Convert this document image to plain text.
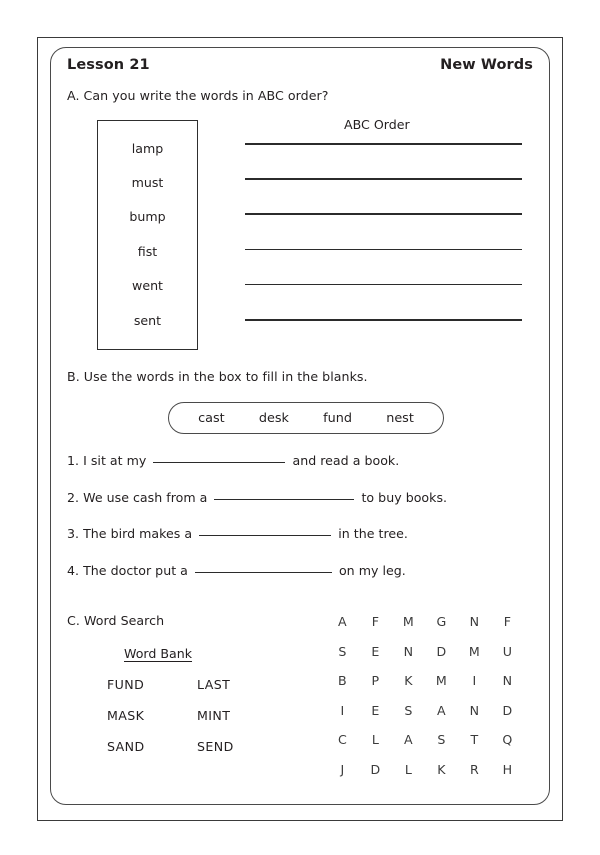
Lesson 21	New Words
A. Can you write the words in ABC order?
ABC Order
lamp
must
bump
fist
went
sent
B. Use the words in the box to fill in the blanks.
cast	desk	fund	nest
1. I sit at my	and read a book.
2. We use cash from a	to buy books.
3. The bird makes a	in the tree.
4. The doctor put a	on my leg.
C. Word Search
Word Bank
FUND	LAST
MASK	MINT
SAND	SEND
A F M G N F
S E N D M U
B P K M I N
I E S A N D
C L A S T Q
J D L K R H
